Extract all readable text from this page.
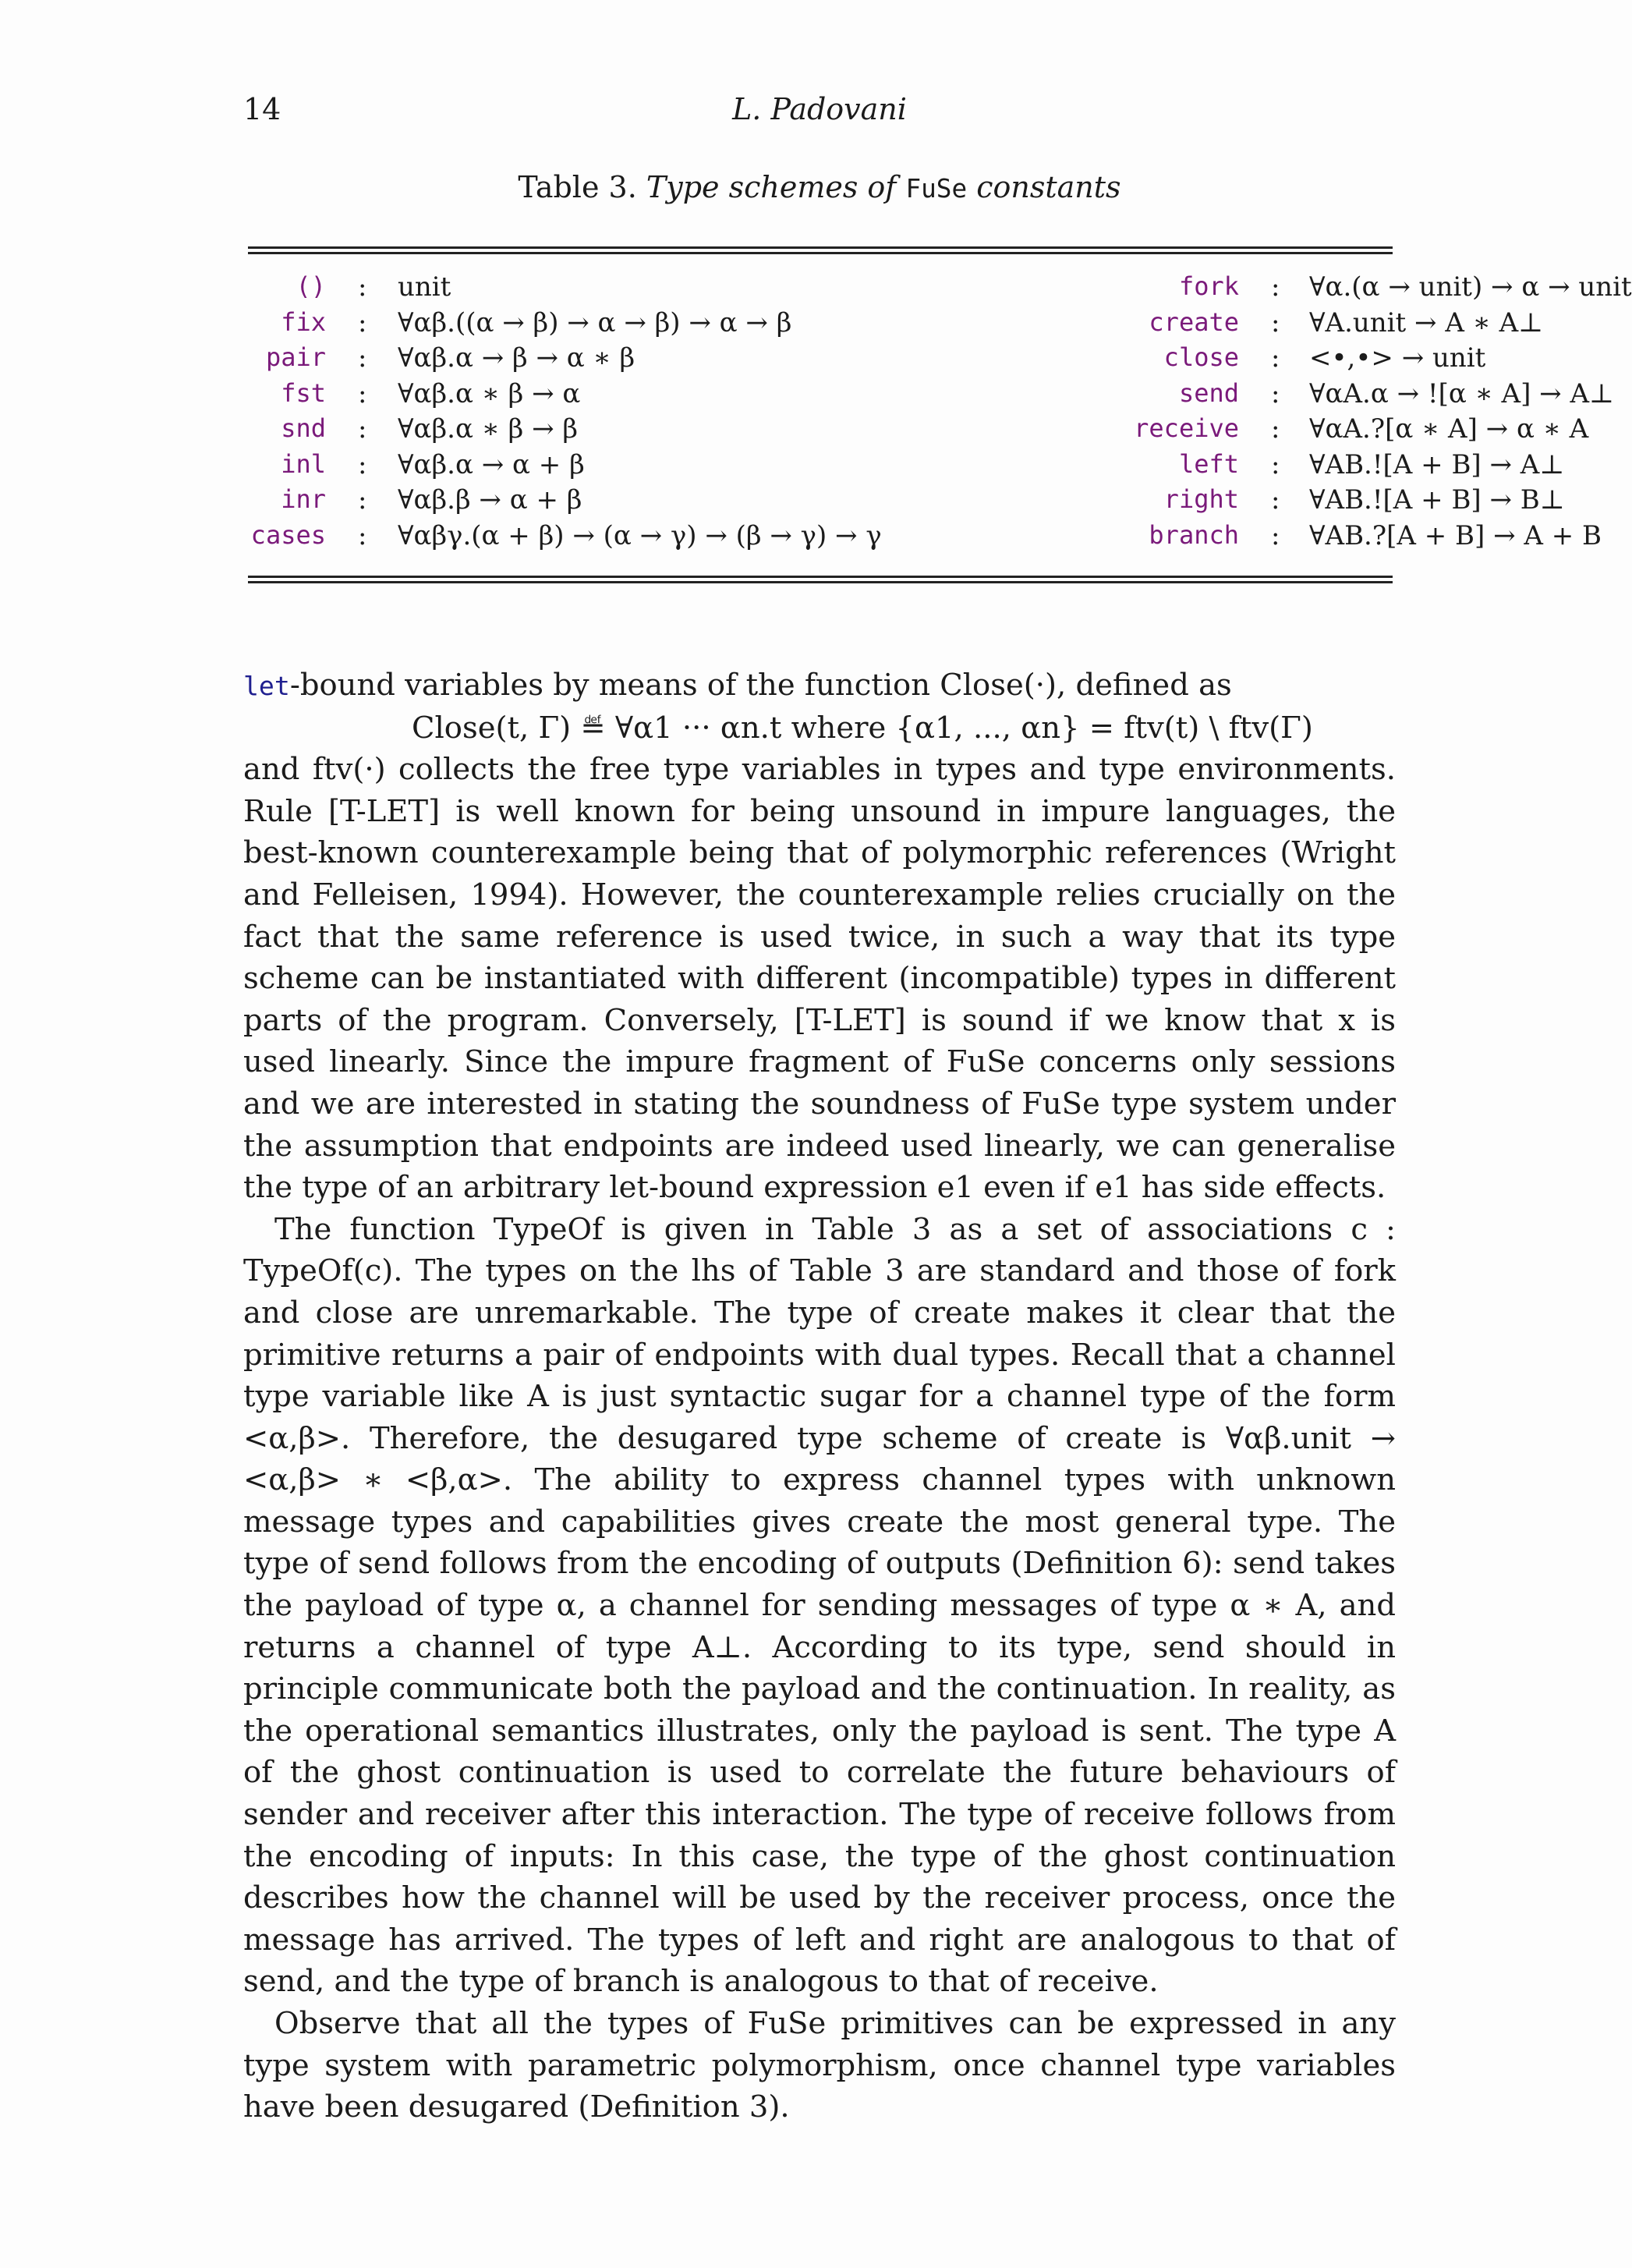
14	L. Padovani
Table 3. Type schemes of FuSe constants
() : unit
fix : ∀αβ.((α → β) → α → β) → α → β
pair : ∀αβ.α → β → α ∗ β
fst : ∀αβ.α ∗ β → α
snd : ∀αβ.α ∗ β → β
inl : ∀αβ.α → α + β
inr : ∀αβ.β → α + β
cases : ∀αβγ.(α + β) → (α → γ) → (β → γ) → γ
fork : ∀α.(α → unit) → α → unit
create : ∀A.unit → A ∗ A⊥
close : <•,•> → unit
send : ∀αA.α → ![α ∗ A] → A⊥
receive : ∀αA.?[α ∗ A] → α ∗ A
left : ∀AB.![A + B] → A⊥
right : ∀AB.![A + B] → B⊥
branch : ∀AB.?[A + B] → A + B

let-bound variables by means of the function Close(·), defined as

Close(t, Γ) ≝ ∀α1 ··· αn.t where {α1, ..., αn} = ftv(t) \ ftv(Γ)

and ftv(·) collects the free type variables in types and type environments. Rule [T-LET] is well known for being unsound in impure languages, the best-known counterexample being that of polymorphic references (Wright and Felleisen, 1994). However, the counterexample relies crucially on the fact that the same reference is used twice, in such a way that its type scheme can be instantiated with different (incompatible) types in different parts of the program. Conversely, [T-LET] is sound if we know that x is used linearly. Since the impure fragment of FuSe concerns only sessions and we are interested in stating the soundness of FuSe type system under the assumption that endpoints are indeed used linearly, we can generalise the type of an arbitrary let-bound expression e1 even if e1 has side effects.

The function TypeOf is given in Table 3 as a set of associations c : TypeOf(c). The types on the lhs of Table 3 are standard and those of fork and close are unremarkable. The type of create makes it clear that the primitive returns a pair of endpoints with dual types. Recall that a channel type variable like A is just syntactic sugar for a channel type of the form <α,β>. Therefore, the desugared type scheme of create is ∀αβ.unit → <α,β> ∗ <β,α>. The ability to express channel types with unknown message types and capabilities gives create the most general type. The type of send follows from the encoding of outputs (Definition 6): send takes the payload of type α, a channel for sending messages of type α ∗ A, and returns a channel of type A⊥. According to its type, send should in principle communicate both the payload and the continuation. In reality, as the operational semantics illustrates, only the payload is sent. The type A of the ghost continuation is used to correlate the future behaviours of sender and receiver after this interaction. The type of receive follows from the encoding of inputs: In this case, the type of the ghost continuation describes how the channel will be used by the receiver process, once the message has arrived. The types of left and right are analogous to that of send, and the type of branch is analogous to that of receive.

Observe that all the types of FuSe primitives can be expressed in any type system with parametric polymorphism, once channel type variables have been desugared (Definition 3).
